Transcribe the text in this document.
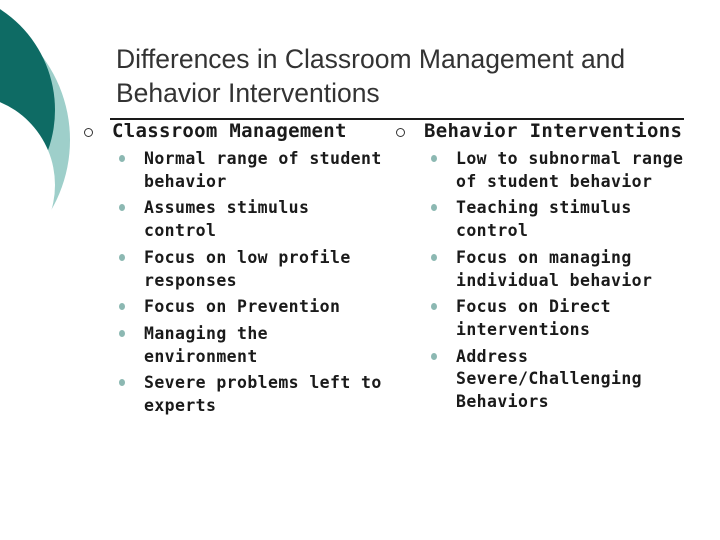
Differences in Classroom Management and Behavior Interventions
Classroom Management
Normal range of student behavior
Assumes stimulus control
Focus on low profile responses
Focus on Prevention
Managing the environment
Severe problems left to experts
Behavior Interventions
Low to subnormal range of student behavior
Teaching stimulus control
Focus on managing individual behavior
Focus on Direct interventions
Address Severe/Challenging Behaviors
